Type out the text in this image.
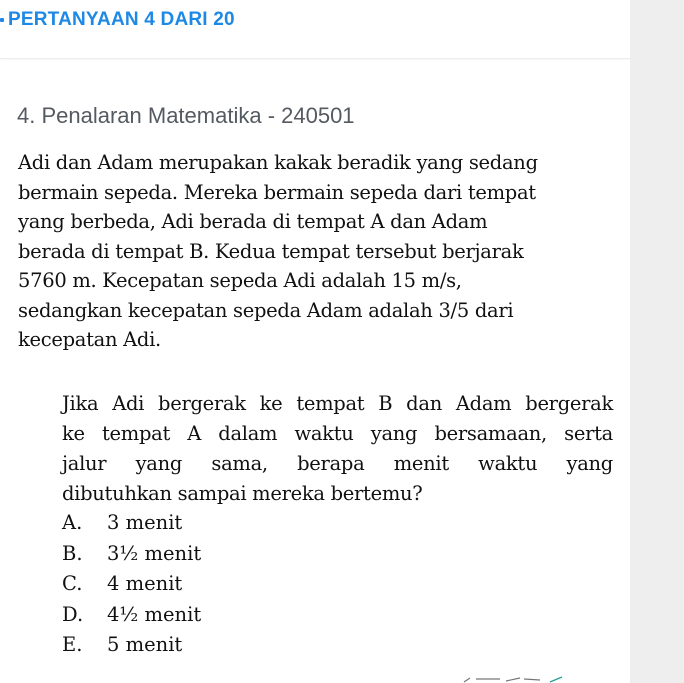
PERTANYAAN 4 DARI 20
4. Penalaran Matematika - 240501

Adi dan Adam merupakan kakak beradik yang sedang
bermain sepeda. Mereka bermain sepeda dari tempat
yang berbeda, Adi berada di tempat A dan Adam
berada di tempat B. Kedua tempat tersebut berjarak
5760 m. Kecepatan sepeda Adi adalah 15 m/s,
sedangkan kecepatan sepeda Adam adalah 3/5 dari
kecepatan Adi.

Jika Adi bergerak ke tempat B dan Adam bergerak
ke tempat A dalam waktu yang bersamaan, serta
jalur yang sama, berapa menit waktu yang
dibutuhkan sampai mereka bertemu?

A. 3 menit
B. 3½ menit
C. 4 menit
D. 4½ menit
E. 5 menit
